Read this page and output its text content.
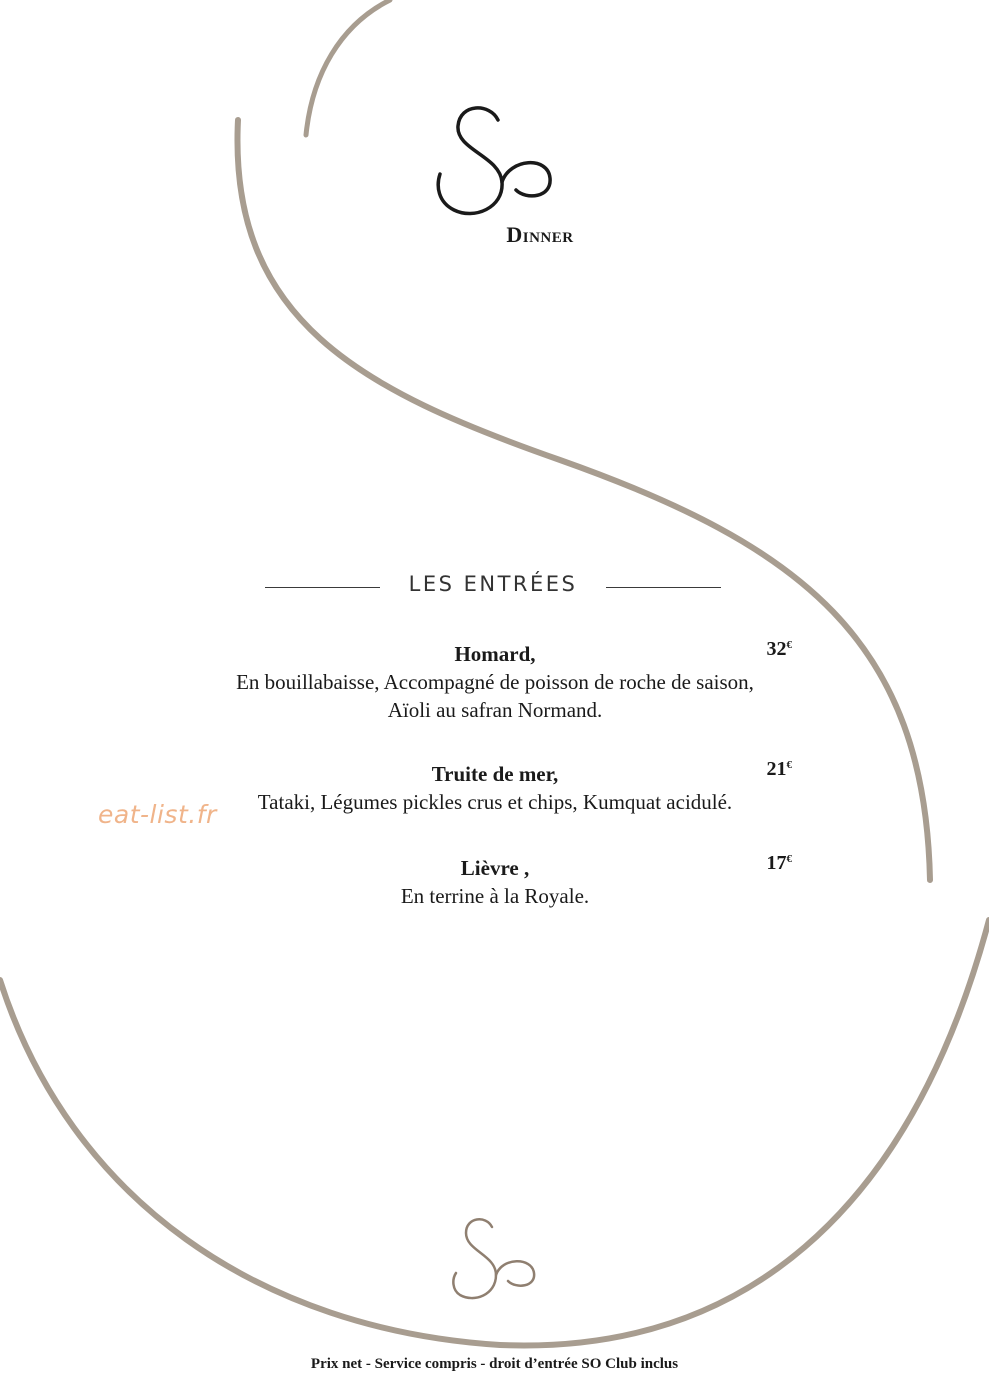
Dinner
LES ENTRÉES
Homard,	32€
En bouillabaisse, Accompagné de poisson de roche de saison,
Aïoli au safran Normand.
Truite de mer,	21€
Tataki, Légumes pickles crus et chips, Kumquat acidulé.
Lièvre ,	17€
En terrine à la Royale.
eat-list.fr
Prix net - Service compris - droit d’entrée SO Club inclus
